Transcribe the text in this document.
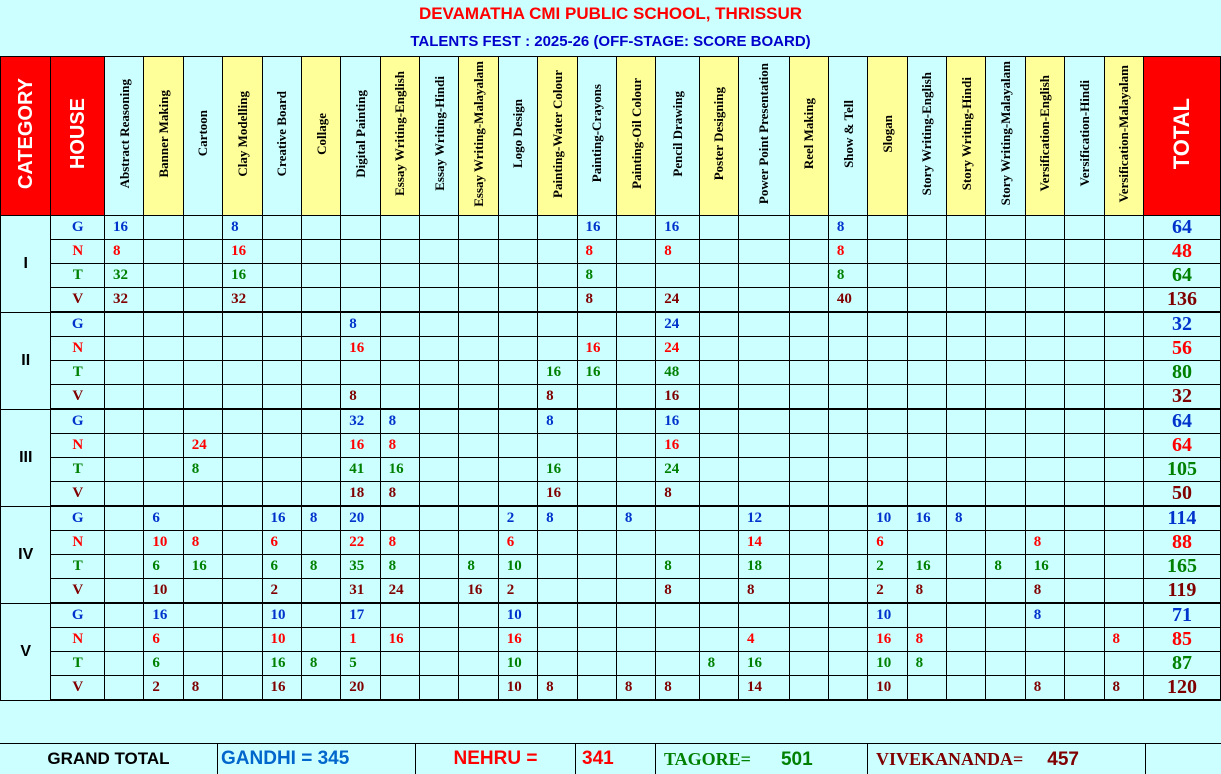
DEVAMATHA CMI PUBLIC SCHOOL, THRISSUR
TALENTS FEST : 2025-26 (OFF-STAGE: SCORE BOARD)
CATEGORY	HOUSE	Abstract Reasoning	Banner Making	Cartoon	Clay Modelling	Creative Board	Collage	Digital Painting	Essay Writing-English	Essay Writing-Hindi	Essay Writing-Malayalam	Logo Design	Painting-Water Colour	Painting-Crayons	Painting-Oil Colour	Pencil Drawing	Poster Designing	Power Point Presentation	Reel Making	Show & Tell	Slogan	Story Writing-English	Story Writing-Hindi	Story Writing-Malayalam	Versification-English	Versification-Hindi	Versification-Malayalam	TOTAL
I	G	16			8									16		16				8								64
	N	8			16									8		8				8								48
	T	32			16									8						8								64
	V	32			32									8		24				40								136
II	G							8								24												32
	N							16						16		24												56
	T												16	16		48												80
	V							8					8			16												32
III	G							32	8				8			16												64
	N			24				16	8							16												64
	T			8				41	16				16			24												105
	V							18	8				16			8												50
IV	G		6			16	8	20				2	8		8			12			10	16	8					114
	N		10	8		6		22	8			6						14			6				8			88
	T		6	16		6	8	35	8		8	10				8		18			2	16		8	16			165
	V		10			2		31	24		16	2				8		8			2	8			8			119
V	G		16			10		17				10									10				8			71
	N		6			10		1	16			16						4			16	8					8	85
	T		6			16	8	5				10					8	16			10	8						87
	V		2	8		16		20				10	8		8	8		14			10				8		8	120
GRAND TOTAL	GANDHI = 345	NEHRU =	341	TAGORE= 501	VIVEKANANDA= 457
